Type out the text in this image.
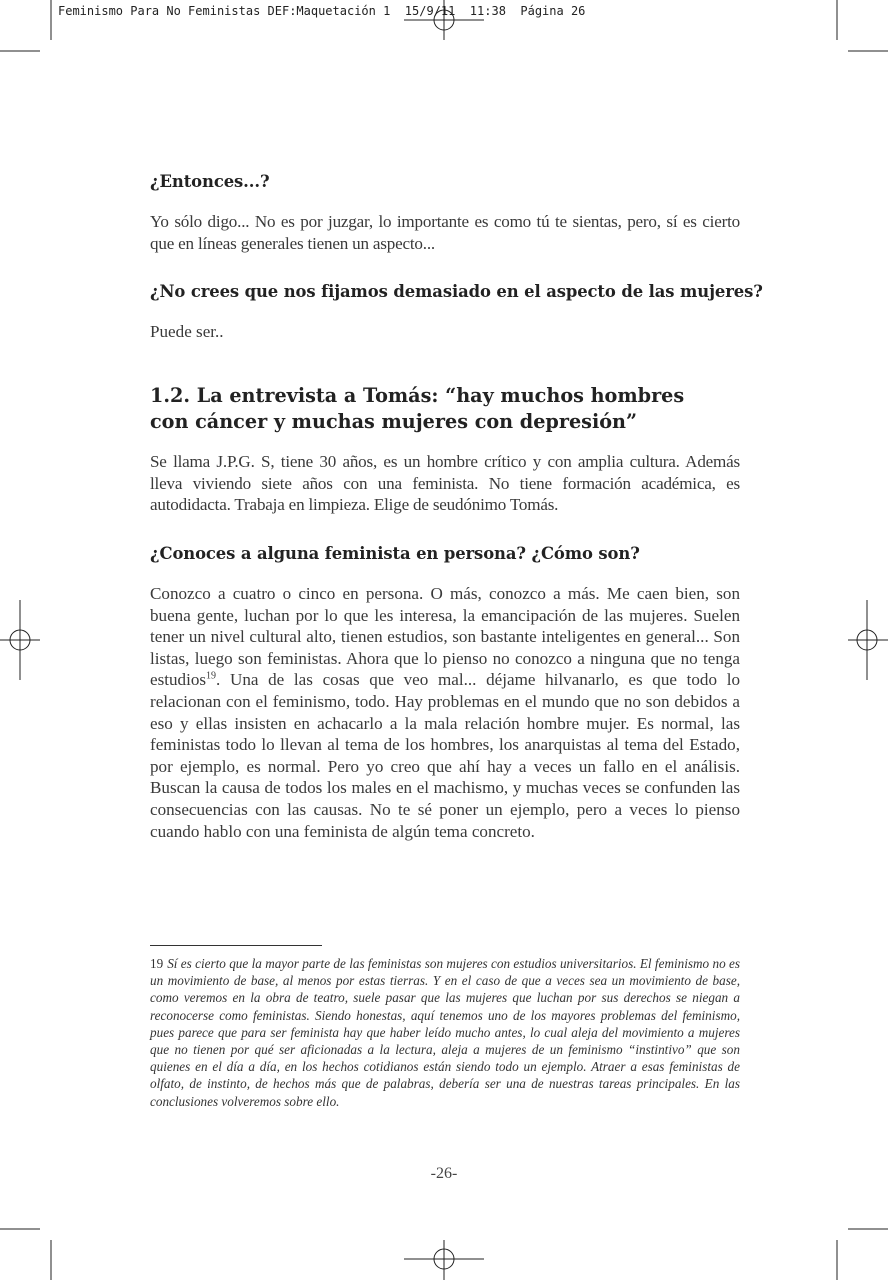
Feminismo Para No Feministas DEF:Maquetación 1  15/9/11  11:38  Página 26

¿Entonces...?

Yo sólo digo... No es por juzgar, lo importante es como tú te sientas, pero, sí es cierto que en líneas generales tienen un aspecto...

¿No crees que nos fijamos demasiado en el aspecto de las mujeres?

Puede ser..

1.2. La entrevista a Tomás: “hay muchos hombres

con cáncer y muchas mujeres con depresión”

Se llama J.P.G. S, tiene 30 años, es un hombre crítico y con amplia cultura. Además lleva viviendo siete años con una feminista. No tiene formación académica, es autodidacta. Trabaja en limpieza. Elige de seudónimo Tomás.

¿Conoces a alguna feminista en persona? ¿Cómo son?

Conozco a cuatro o cinco en persona. O más, conozco a más. Me caen bien, son buena gente, luchan por lo que les interesa, la emancipación de las mujeres. Suelen tener un nivel cultural alto, tienen estudios, son bastante inteligentes en general... Son listas, luego son feministas. Ahora que lo pienso no conozco a ninguna que no tenga estudios$^{19}$. Una de las cosas que veo mal... déjame hilvanarlo, es que todo lo relacionan con el feminismo, todo. Hay problemas en el mundo que no son debidos a eso y ellas insisten en achacarlo a la mala relación hombre mujer. Es normal, las feministas todo lo llevan al tema de los hombres, los anarquistas al tema del Estado, por ejemplo, es normal. Pero yo creo que ahí hay a veces un fallo en el análisis. Buscan la causa de todos los males en el machismo, y muchas veces se confunden las consecuencias con las causas. No te sé poner un ejemplo, pero a veces lo pienso cuando hablo con una feminista de algún tema concreto.

19 Sí es cierto que la mayor parte de las feministas son mujeres con estudios universitarios. El feminismo no es un movimiento de base, al menos por estas tierras. Y en el caso de que a veces sea un movimiento de base, como veremos en la obra de teatro, suele pasar que las mujeres que luchan por sus derechos se niegan a reconocerse como feministas. Siendo honestas, aquí tenemos uno de los mayores problemas del feminismo, pues parece que para ser feminista hay que haber leído mucho antes, lo cual aleja del movimiento a mujeres que no tienen por qué ser aficionadas a la lectura, aleja a mujeres de un feminismo “instintivo” que son quienes en el día a día, en los hechos cotidianos están siendo todo un ejemplo. Atraer a esas feministas de olfato, de instinto, de hechos más que de palabras, debería ser una de nuestras tareas principales. En las conclusiones volveremos sobre ello.
-26-
